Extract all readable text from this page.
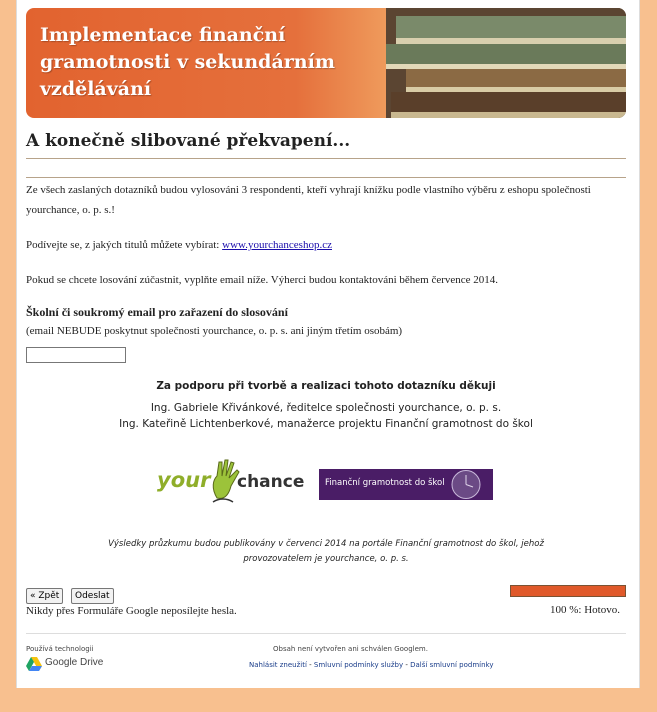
Implementace finanční
gramotnosti v sekundárním
vzdělávání
A konečně slibované překvapení...
Ze všech zaslaných dotazníků budou vylosováni 3 respondenti, kteří vyhrají knížku podle vlastního výběru z eshopu společnosti yourchance, o. p. s.!
Podívejte se, z jakých titulů můžete vybírat: www.yourchanceshop.cz
Pokud se chcete losování zúčastnit, vyplňte email níže. Výherci budou kontaktováni během července 2014.
Školní či soukromý email pro zařazení do slosování
(email NEBUDE poskytnut společnosti yourchance, o. p. s. ani jiným třetím osobám)
Za podporu při tvorbě a realizaci tohoto dotazníku děkuji
Ing. Gabriele Křivánkové, ředitelce společnosti yourchance, o. p. s.
Ing. Kateřině Lichtenberkové, manažerce projektu Finanční gramotnost do škol
your chance Finanční gramotnost do škol
Výsledky průzkumu budou publikovány v červenci 2014 na portále Finanční gramotnost do škol, jehož
provozovatelem je yourchance, o. p. s.
« Zpět	Odeslat
Nikdy přes Formuláře Google neposílejte hesla.	100 %: Hotovo.
Používá technologii
Google Drive
Obsah není vytvořen ani schválen Googlem.
Nahlásit zneužití - Smluvní podmínky služby - Další smluvní podmínky
